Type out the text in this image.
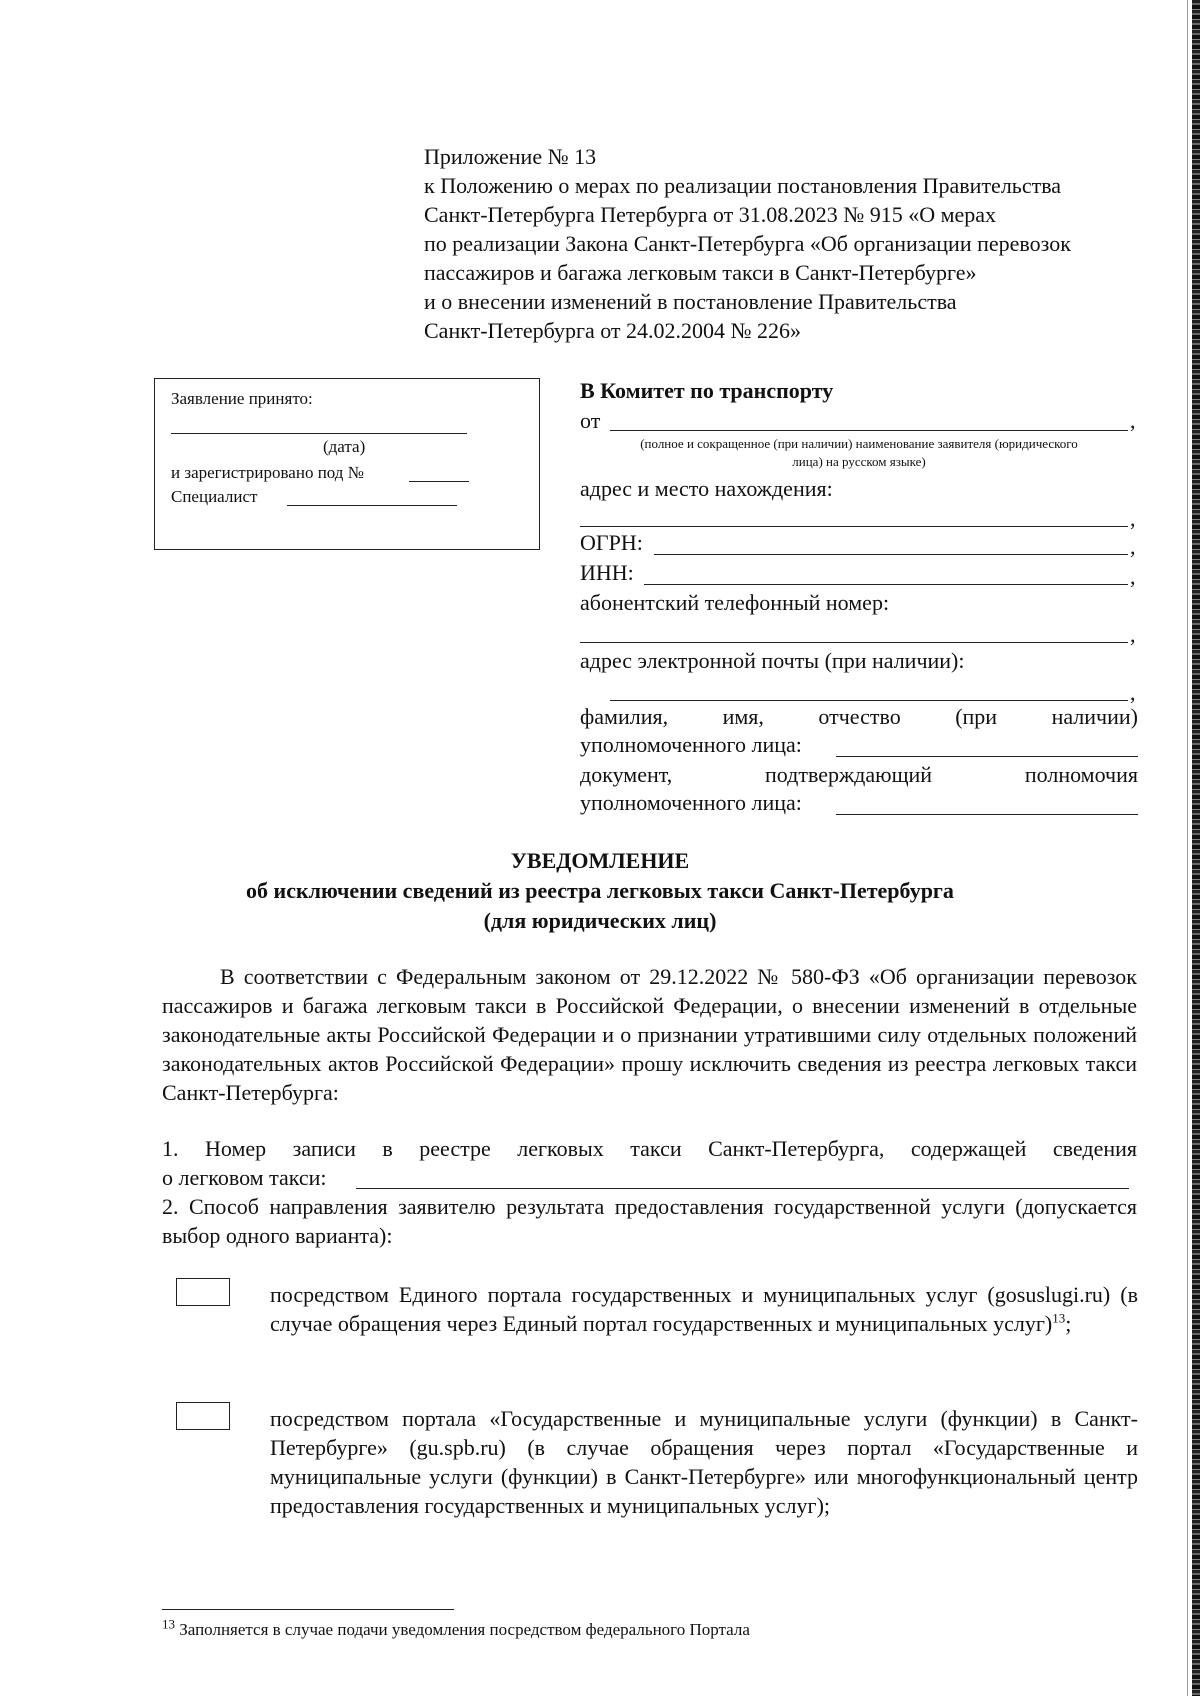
Приложение № 13
к Положению о мерах по реализации постановления Правительства
Санкт-Петербурга Петербурга от 31.08.2023 № 915 «О мерах
по реализации Закона Санкт-Петербурга «Об организации перевозок
пассажиров и багажа легковым такси в Санкт-Петербурге»
и о внесении изменений в постановление Правительства
Санкт-Петербурга от 24.02.2004 № 226»
Заявление принято:
(дата)
и зарегистрировано под №
Специалист
В Комитет по транспорту
от	,
(полное и сокращенное (при наличии) наименование заявителя (юридического
лица) на русском языке)
адрес и место нахождения:
,
ОГРН:	,
ИНН:	,
абонентский телефонный номер:
,
адрес электронной почты (при наличии):
,
фамилия, имя, отчество (при наличии)
уполномоченного лица:
документ, подтверждающий полномочия
уполномоченного лица:
УВЕДОМЛЕНИЕ
об исключении сведений из реестра легковых такси Санкт-Петербурга
(для юридических лиц)
В соответствии с Федеральным законом от 29.12.2022 № 580-ФЗ «Об организации перевозок пассажиров и багажа легковым такси в Российской Федерации, о внесении изменений в отдельные законодательные акты Российской Федерации и о признании утратившими силу отдельных положений законодательных актов Российской Федерации» прошу исключить сведения из реестра легковых такси Санкт-Петербурга:
1. Номер записи в реестре легковых такси Санкт-Петербурга, содержащей сведения
о легковом такси:
2. Способ направления заявителю результата предоставления государственной услуги (допускается выбор одного варианта):
посредством Единого портала государственных и муниципальных услуг (gosuslugi.ru) (в случае обращения через Единый портал государственных и муниципальных услуг)$^{13}$;
посредством портала «Государственные и муниципальные услуги (функции) в Санкт-Петербурге» (gu.spb.ru) (в случае обращения через портал «Государственные и муниципальные услуги (функции) в Санкт-Петербурге» или многофункциональный центр предоставления государственных и муниципальных услуг);
$^{13}$ Заполняется в случае подачи уведомления посредством федерального Портала
